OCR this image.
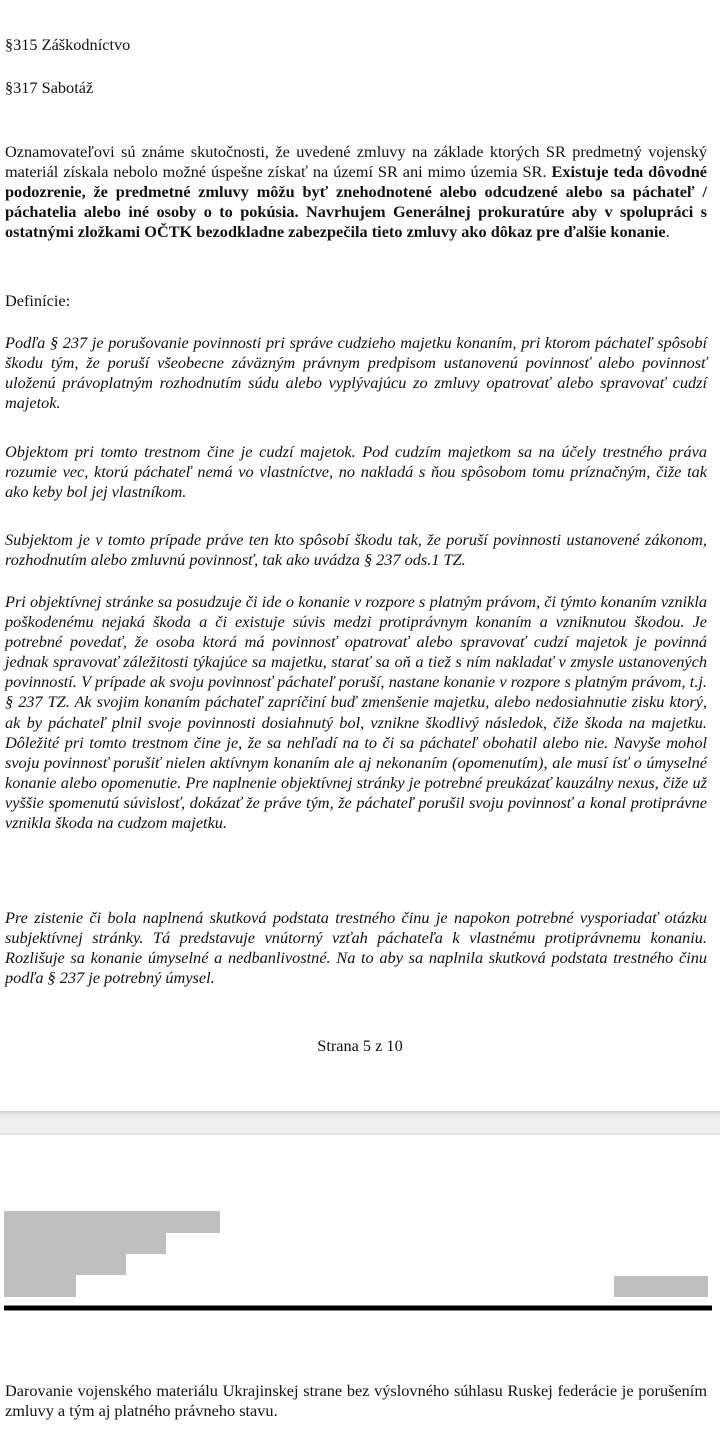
§315 Záškodníctvo
§317 Sabotáž
Oznamovateľovi sú známe skutočnosti, že uvedené zmluvy na základe ktorých SR predmetný vojenský materiál získala nebolo možné úspešne získať na území SR ani mimo územia SR. Existuje teda dôvodné podozrenie, že predmetné zmluvy môžu byť znehodnotené alebo odcudzené alebo sa páchateľ / páchatelia alebo iné osoby o to pokúsia. Navrhujem Generálnej prokuratúre aby v spolupráci s ostatnými zložkami OČTK bezodkladne zabezpečila tieto zmluvy ako dôkaz pre ďalšie konanie.
Definície:
Podľa § 237 je porušovanie povinnosti pri správe cudzieho majetku konaním, pri ktorom páchateľ spôsobí škodu tým, že poruší všeobecne záväzným právnym predpisom ustanovenú povinnosť alebo povinnosť uloženú právoplatným rozhodnutím súdu alebo vyplývajúcu zo zmluvy opatrovať alebo spravovať cudzí majetok.
Objektom pri tomto trestnom čine je cudzí majetok. Pod cudzím majetkom sa na účely trestného práva rozumie vec, ktorú páchateľ nemá vo vlastníctve, no nakladá s ňou spôsobom tomu príznačným, čiže tak ako keby bol jej vlastníkom.
Subjektom je v tomto prípade práve ten kto spôsobí škodu tak, že poruší povinnosti ustanovené zákonom, rozhodnutím alebo zmluvnú povinnosť, tak ako uvádza § 237 ods.1 TZ.
Pri objektívnej stránke sa posudzuje či ide o konanie v rozpore s platným právom, či týmto konaním vznikla poškodenému nejaká škoda a či existuje súvis medzi protiprávnym konaním a vzniknutou škodou. Je potrebné povedať, že osoba ktorá má povinnosť opatrovať alebo spravovať cudzí majetok je povinná jednak spravovať záležitosti týkajúce sa majetku, starať sa oň a tiež s ním nakladať v zmysle ustanovených povinností. V prípade ak svoju povinnosť páchateľ poruší, nastane konanie v rozpore s platným právom, t.j. § 237 TZ. Ak svojim konaním páchateľ zapríčiní buď zmenšenie majetku, alebo nedosiahnutie zisku ktorý, ak by páchateľ plnil svoje povinnosti dosiahnutý bol, vznikne škodlivý následok, čiže škoda na majetku. Dôležité pri tomto trestnom čine je, že sa nehľadí na to či sa páchateľ obohatil alebo nie. Navyše mohol svoju povinnosť porušiť nielen aktívnym konaním ale aj nekonaním (opomenutím), ale musí ísť o úmyselné konanie alebo opomenutie. Pre naplnenie objektívnej stránky je potrebné preukázať kauzálny nexus, čiže už vyššie spomenutú súvislosť, dokázať že práve tým, že páchateľ porušil svoju povinnosť a konal protiprávne vznikla škoda na cudzom majetku.
Pre zistenie či bola naplnená skutková podstata trestného činu je napokon potrebné vysporiadať otázku subjektívnej stránky. Tá predstavuje vnútorný vzťah páchateľa k vlastnému protiprávnemu konaniu. Rozlišuje sa konanie úmyselné a nedbanlivostné. Na to aby sa naplnila skutková podstata trestného činu podľa § 237 je potrebný úmysel.
Strana 5 z 10
Darovanie vojenského materiálu Ukrajinskej strane bez výslovného súhlasu Ruskej federácie je porušením zmluvy a tým aj platného právneho stavu.
